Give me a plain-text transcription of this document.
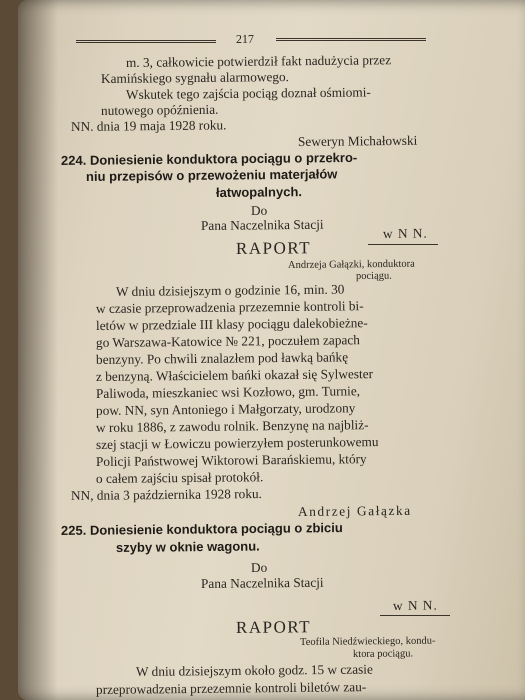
217
m. 3, całkowicie potwierdził fakt nadużycia przez
Kamińskiego sygnału alarmowego.
Wskutek tego zajścia pociąg doznał ośmiomi-
nutowego opóźnienia.
NN. dnia 19 maja 1928 roku.
Seweryn Michałowski
224. Doniesienie konduktora pociągu o przekro-
niu przepisów o przewożeniu materjałów
łatwopalnych.
Do
Pana Naczelnika Stacji
w N N.
RAPORT
Andrzeja Gałązki, konduktora
pociągu.
W dniu dzisiejszym o godzinie 16, min. 30
w czasie przeprowadzenia przezemnie kontroli bi-
letów w przedziale III klasy pociągu dalekobieżne-
go Warszawa-Katowice № 221, poczułem zapach
benzyny. Po chwili znalazłem pod ławką bańkę
z benzyną. Właścicielem bańki okazał się Sylwester
Paliwoda, mieszkaniec wsi Kozłowo, gm. Turnie,
pow. NN, syn Antoniego i Małgorzaty, urodzony
w roku 1886, z zawodu rolnik. Benzynę na najbliż-
szej stacji w Łowiczu powierzyłem posterunkowemu
Policji Państwowej Wiktorowi Barańskiemu, który
o całem zajściu spisał protokół.
NN, dnia 3 października 1928 roku.
Andrzej Gałązka
225. Doniesienie konduktora pociągu o zbiciu
szyby w oknie wagonu.
Do
Pana Naczelnika Stacji
w N N.
RAPORT
Teofila Niedźwieckiego, kondu-
ktora pociągu.
W dniu dzisiejszym około godz. 15 w czasie
przeprowadzenia przezemnie kontroli biletów zau-
